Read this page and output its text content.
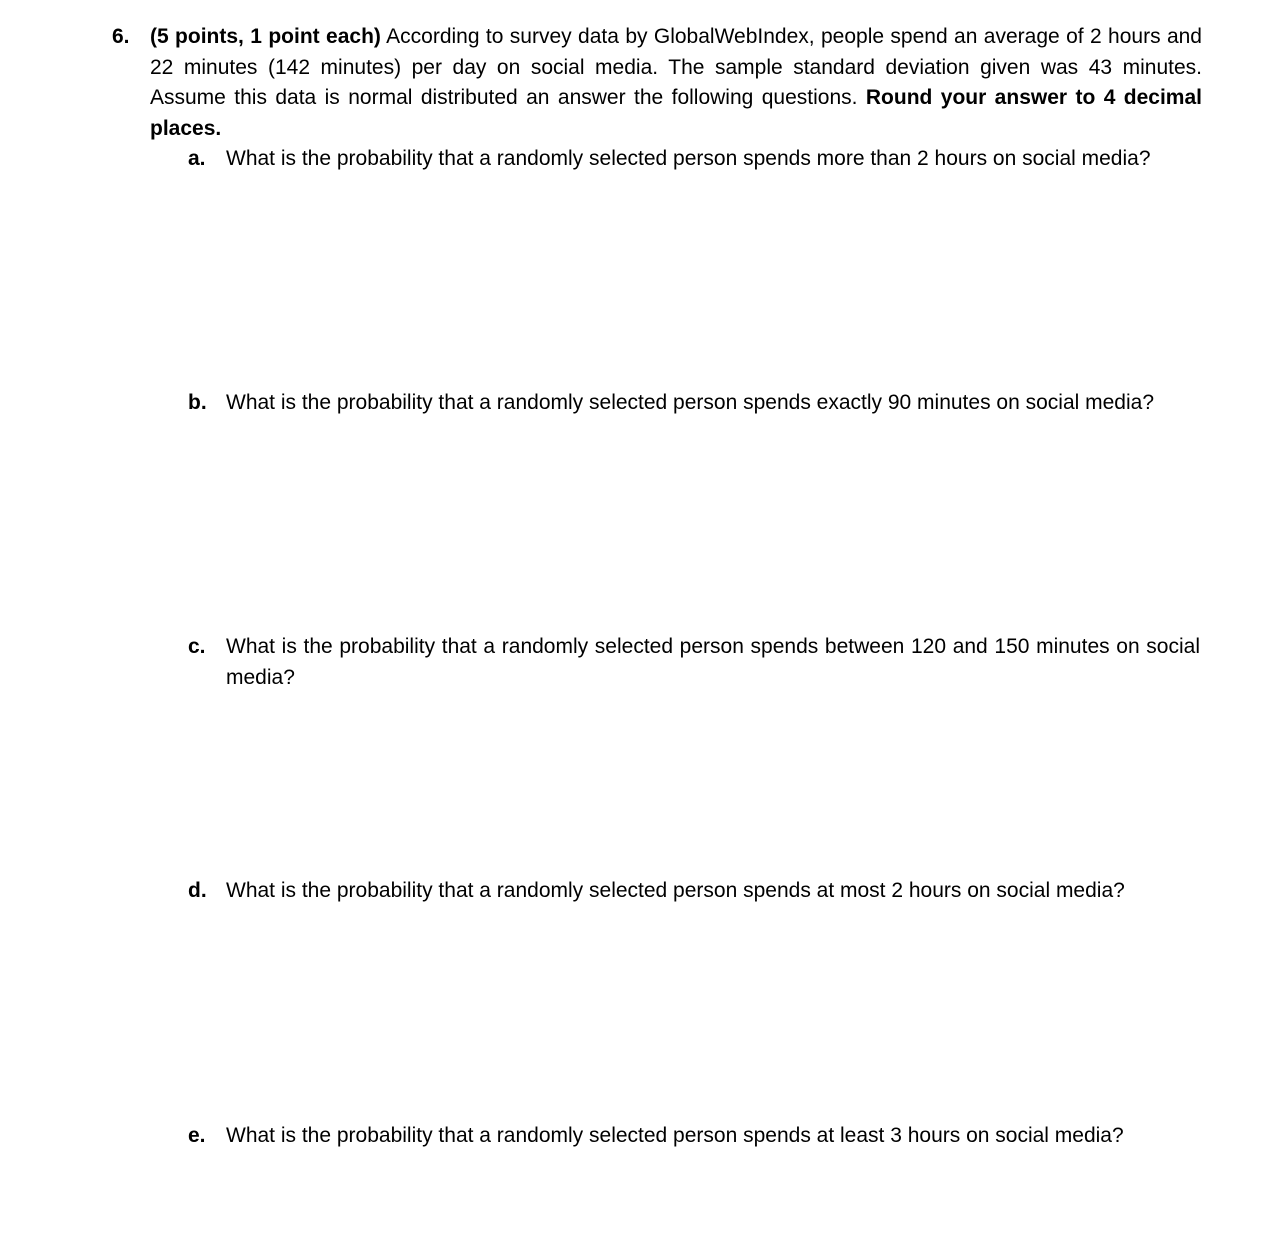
6. (5 points, 1 point each) According to survey data by GlobalWebIndex, people spend an average of 2 hours and 22 minutes (142 minutes) per day on social media. The sample standard deviation given was 43 minutes. Assume this data is normal distributed an answer the following questions. Round your answer to 4 decimal places.
a. What is the probability that a randomly selected person spends more than 2 hours on social media?
b. What is the probability that a randomly selected person spends exactly 90 minutes on social media?
c. What is the probability that a randomly selected person spends between 120 and 150 minutes on social media?
d. What is the probability that a randomly selected person spends at most 2 hours on social media?
e. What is the probability that a randomly selected person spends at least 3 hours on social media?
